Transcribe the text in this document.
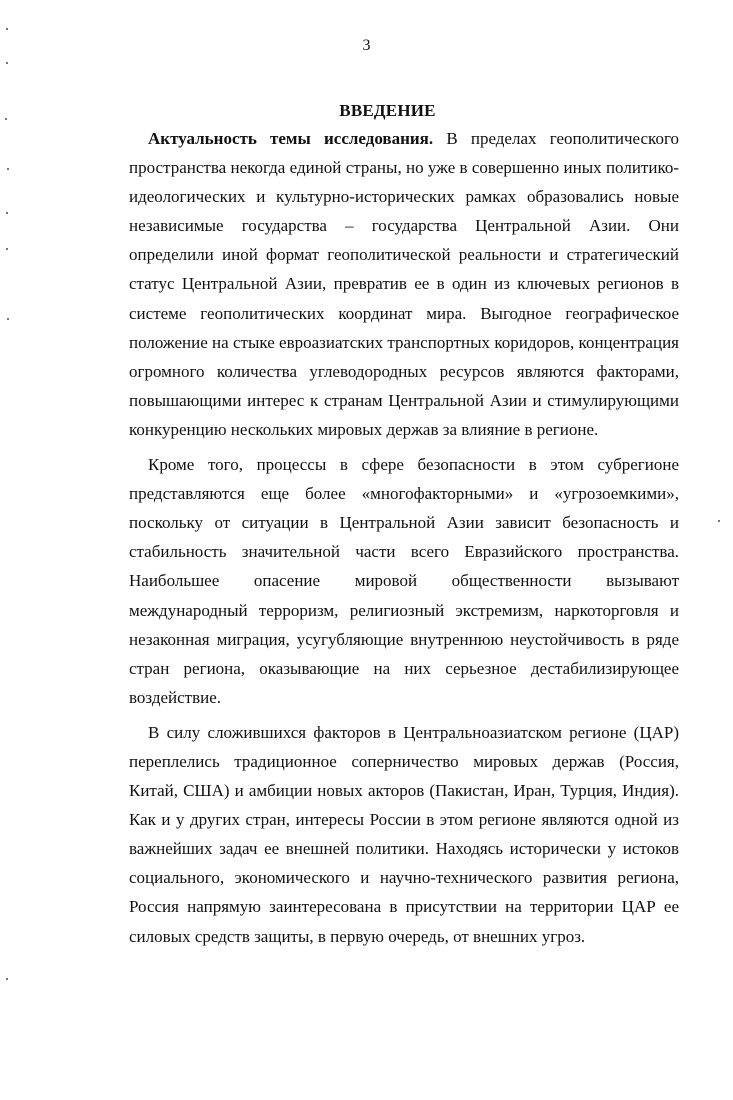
3
ВВЕДЕНИЕ

Актуальность темы исследования. В пределах геополитического пространства некогда единой страны, но уже в совершенно иных политико-идеологических и культурно-исторических рамках образовались новые независимые государства – государства Центральной Азии. Они определили иной формат геополитической реальности и стратегический статус Центральной Азии, превратив ее в один из ключевых регионов в системе геополитических координат мира. Выгодное географическое положение на стыке евроазиатских транспортных коридоров, концентрация огромного количества углеводородных ресурсов являются факторами, повышающими интерес к странам Центральной Азии и стимулирующими конкуренцию нескольких мировых держав за влияние в регионе.

Кроме того, процессы в сфере безопасности в этом субрегионе представляются еще более «многофакторными» и «угрозоемкими», поскольку от ситуации в Центральной Азии зависит безопасность и стабильность значительной части всего Евразийского пространства. Наибольшее опасение мировой общественности вызывают международный терроризм, религиозный экстремизм, наркоторговля и незаконная миграция, усугубляющие внутреннюю неустойчивость в ряде стран региона, оказывающие на них серьезное дестабилизирующее воздействие.

В силу сложившихся факторов в Центральноазиатском регионе (ЦАР) переплелись традиционное соперничество мировых держав (Россия, Китай, США) и амбиции новых акторов (Пакистан, Иран, Турция, Индия). Как и у других стран, интересы России в этом регионе являются одной из важнейших задач ее внешней политики. Находясь исторически у истоков социального, экономического и научно-технического развития региона, Россия напрямую заинтересована в присутствии на территории ЦАР ее силовых средств защиты, в первую очередь, от внешних угроз.
